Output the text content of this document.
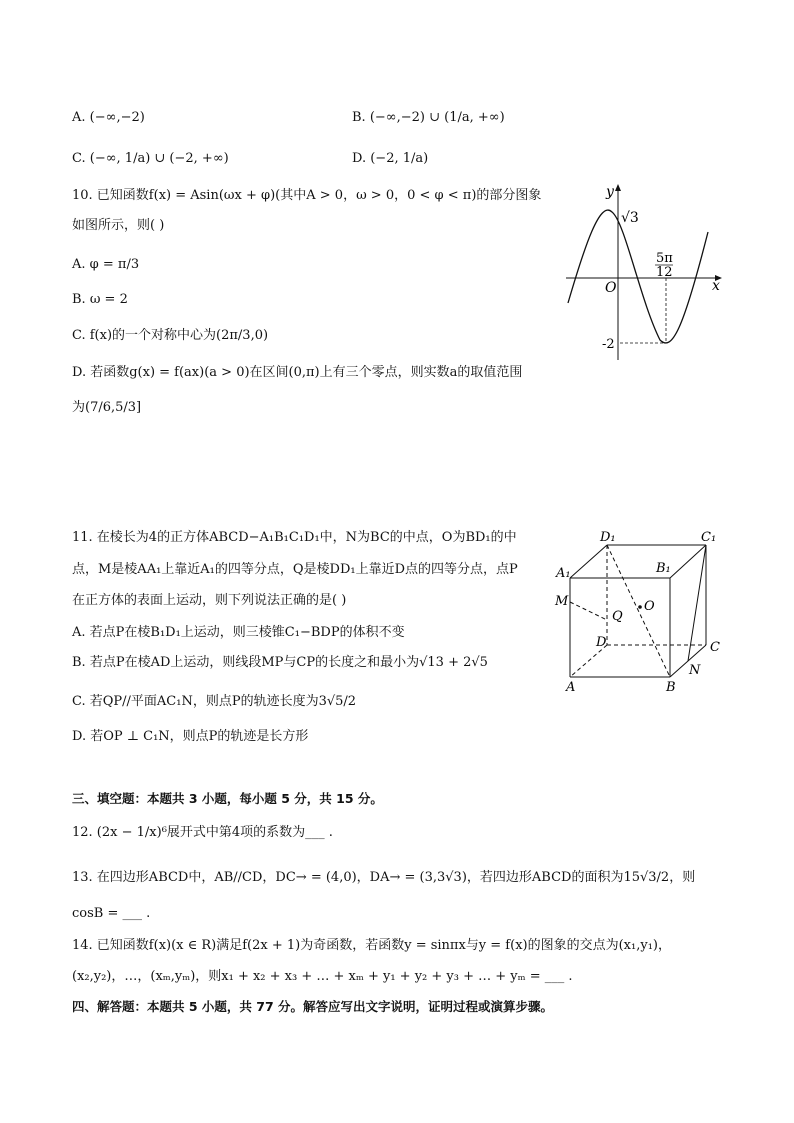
A. (−∞,−2)	B. (−∞,−2) ∪ (1/a, +∞)
C. (−∞, 1/a) ∪ (−2, +∞)	D. (−2, 1/a)
10. 已知函数f(x) = Asin(ωx + φ)(其中A > 0，ω > 0，0 < φ < π)的部分图象
如图所示，则( )
A. φ = π/3
B. ω = 2
C. f(x)的一个对称中心为(2π/3,0)
D. 若函数g(x) = f(ax)(a > 0)在区间(0,π)上有三个零点，则实数a的取值范围
为(7/6,5/3]
y
x
O
√3
-2
5π
12
11. 在棱长为4的正方体ABCD−A₁B₁C₁D₁中，N为BC的中点，O为BD₁的中
点，M是棱AA₁上靠近A₁的四等分点，Q是棱DD₁上靠近D点的四等分点，点P
在正方体的表面上运动，则下列说法正确的是( )
A. 若点P在棱B₁D₁上运动，则三棱锥C₁−BDP的体积不变
B. 若点P在棱AD上运动，则线段MP与CP的长度之和最小为√13 + 2√5
C. 若QP//平面AC₁N，则点P的轨迹长度为3√5/2
D. 若OP ⊥ C₁N，则点P的轨迹是长方形
D₁	C₁
A₁	B₁
M
Q
O
D	C
N
A	B
三、填空题：本题共 3 小题，每小题 5 分，共 15 分。
12. (2x − 1/x)⁶展开式中第4项的系数为___ .
13. 在四边形ABCD中，AB//CD，DC→ = (4,0)，DA→ = (3,3√3)，若四边形ABCD的面积为15√3/2，则
cosB = ___ .
14. 已知函数f(x)(x ∈ R)满足f(2x + 1)为奇函数，若函数y = sinπx与y = f(x)的图象的交点为(x₁,y₁)，
(x₂,y₂)，…，(xₘ,yₘ)，则x₁ + x₂ + x₃ + … + xₘ + y₁ + y₂ + y₃ + … + yₘ = ___ .
四、解答题：本题共 5 小题，共 77 分。解答应写出文字说明，证明过程或演算步骤。
